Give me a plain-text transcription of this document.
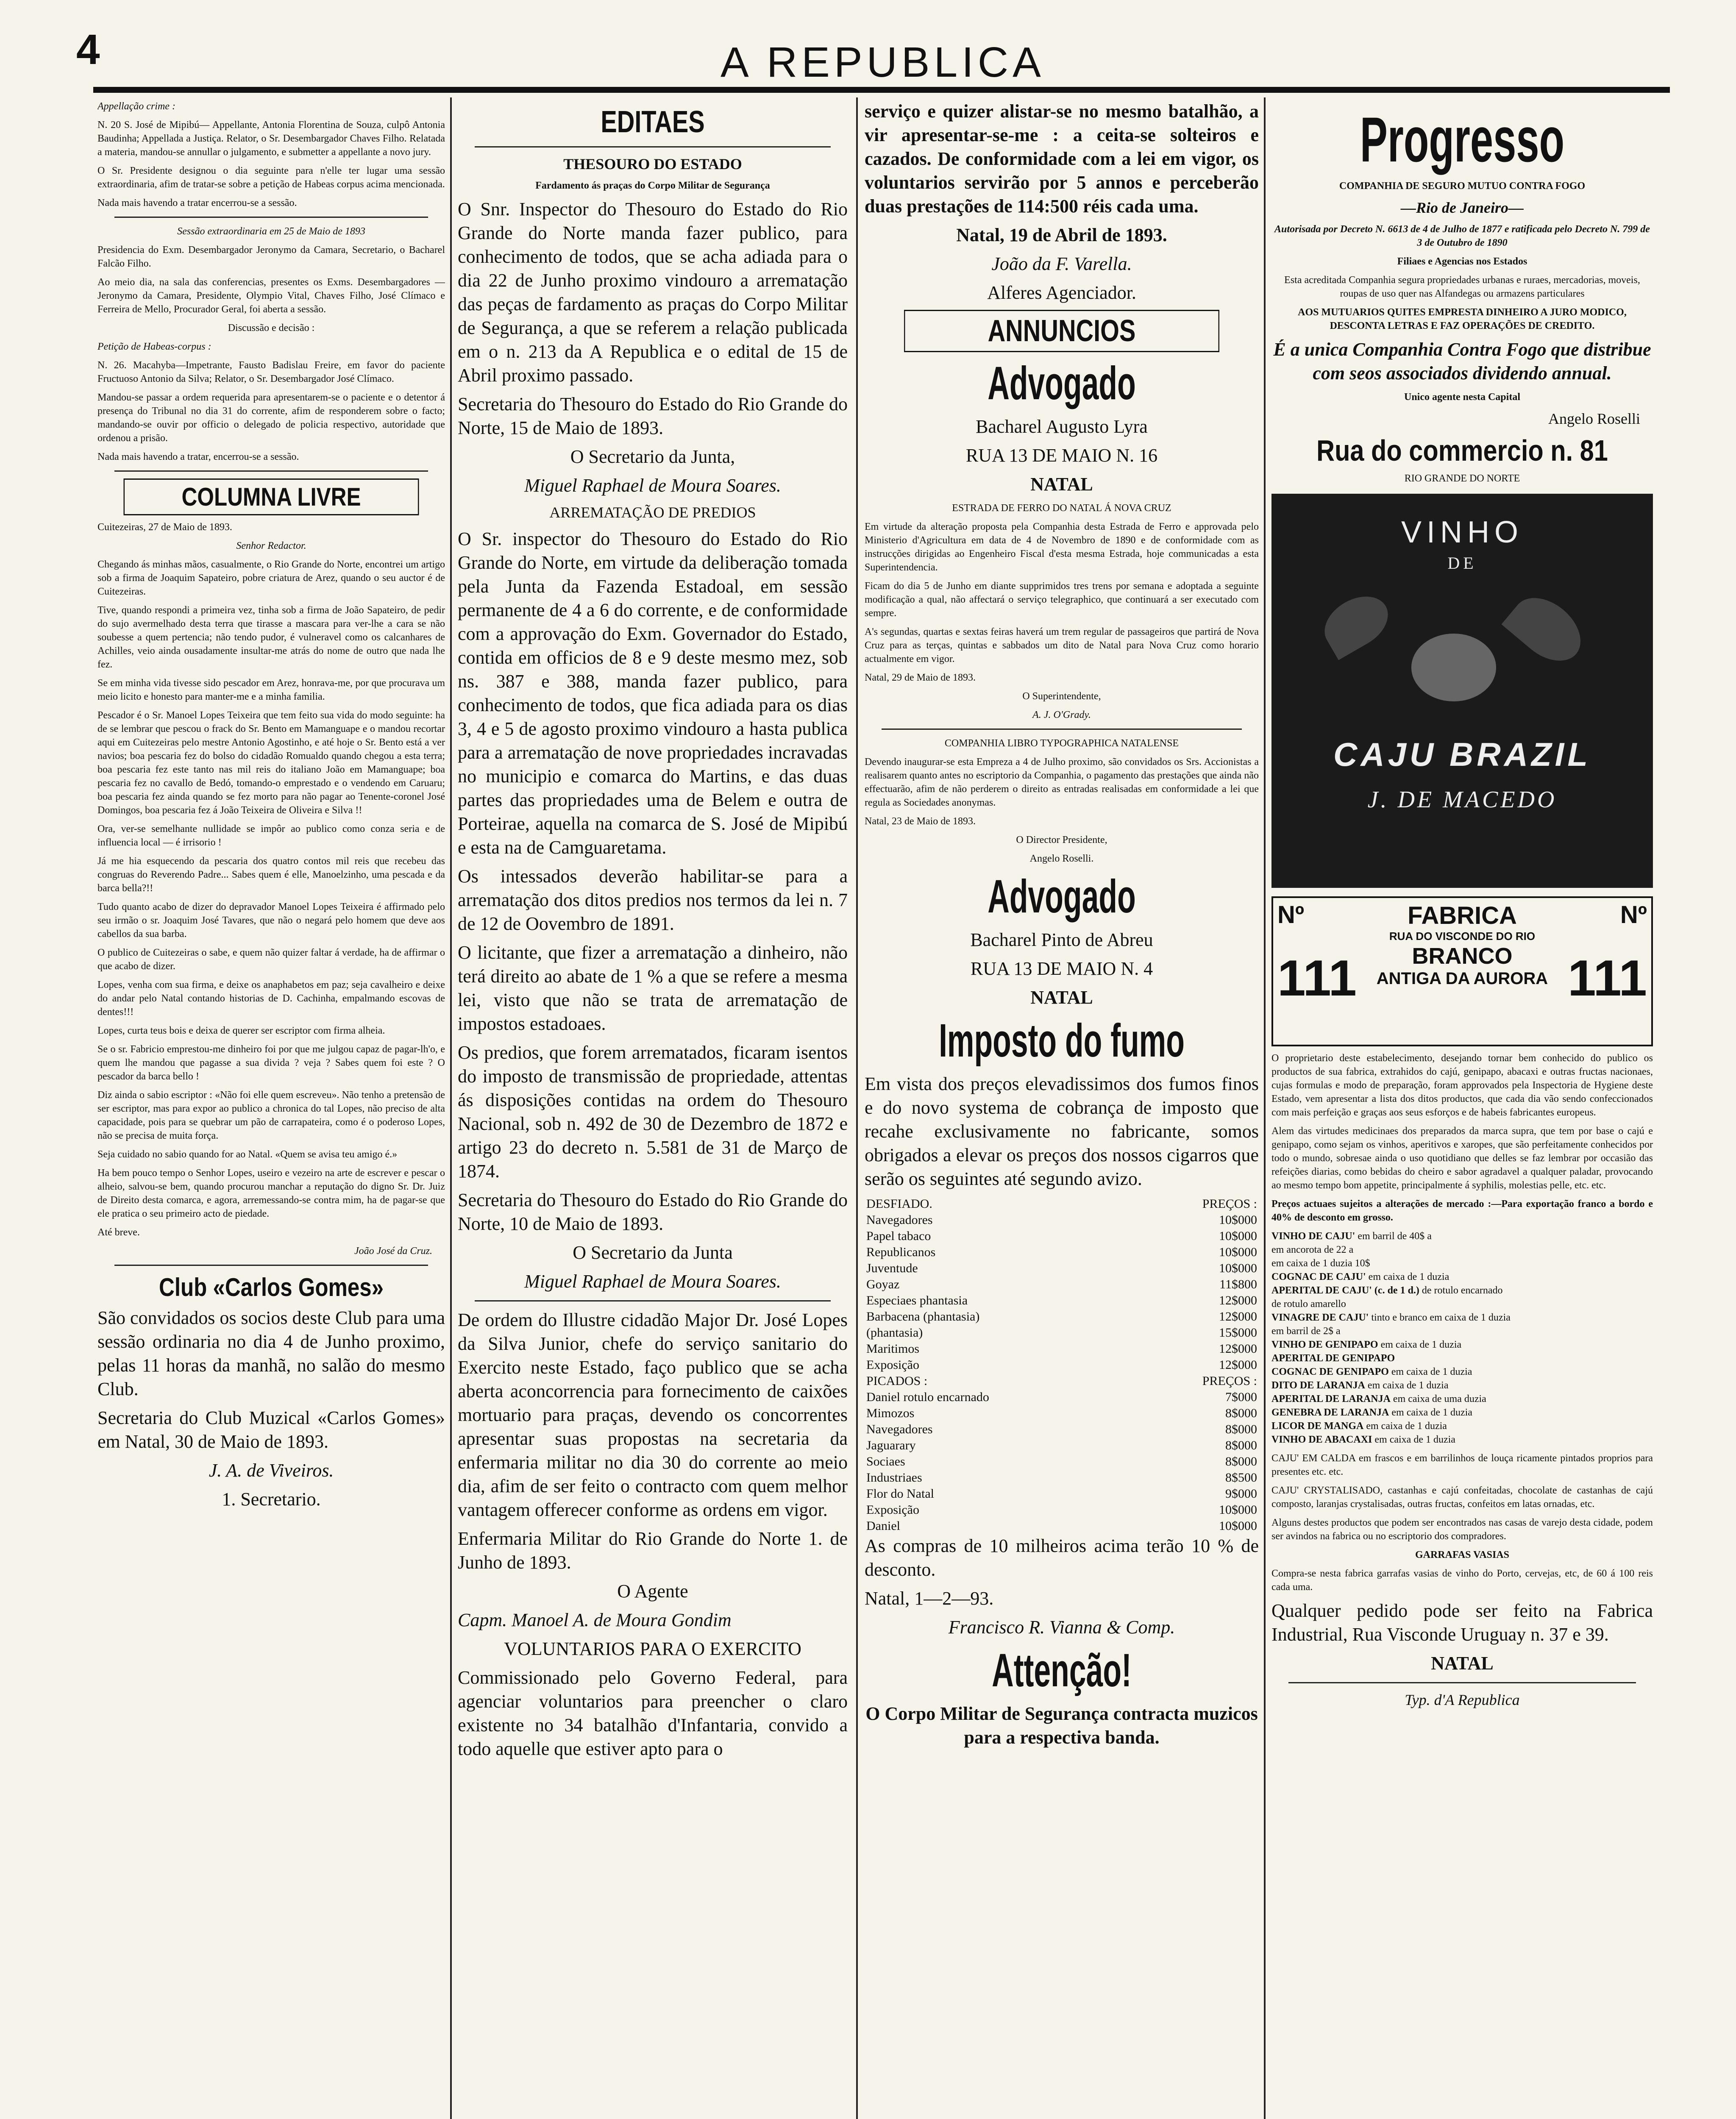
4	A REPUBLICA

Appellação crime :

N. 20 S. José de Mipibú— Appellante, Antonia Florentina de Souza, culpô Antonia Baudinha; Appellada a Justiça. Relator, o Sr. Desembargador Chaves Filho. Relatada a materia, mandou-se annullar o julgamento, e submetter a appellante a novo jury.

O Sr. Presidente designou o dia seguinte para n'elle ter lugar uma sessão extraordinaria, afim de tratar-se sobre a petição de Habeas corpus acima mencionada.

Nada mais havendo a tratar encerrou-se a sessão.

Sessão extraordinaria em 25 de Maio de 1893

Presidencia do Exm. Desembargador Jeronymo da Camara, Secretario, o Bacharel Falcão Filho.

Ao meio dia, na sala das conferencias, presentes os Exms. Desembargadores — Jeronymo da Camara, Presidente, Olympio Vital, Chaves Filho, José Clímaco e Ferreira de Mello, Procurador Geral, foi aberta a sessão.

Discussão e decisão :

Petição de Habeas-corpus :

N. 26. Macahyba—Impetrante, Fausto Badislau Freire, em favor do paciente Fructuoso Antonio da Silva; Relator, o Sr. Desembargador José Clímaco.

Mandou-se passar a ordem requerida para apresentarem-se o paciente e o detentor á presença do Tribunal no dia 31 do corrente, afim de responderem sobre o facto; mandando-se ouvir por officio o delegado de policia respectivo, autoridade que ordenou a prisão.

Nada mais havendo a tratar, encerrou-se a sessão.

COLUMNA LIVRE

Cuitezeiras, 27 de Maio de 1893.

Senhor Redactor.

Chegando ás minhas mãos, casualmente, o Rio Grande do Norte, encontrei um artigo sob a firma de Joaquim Sapateiro, pobre criatura de Arez, quando o seu auctor é de Cuitezeiras.

Tive, quando respondi a primeira vez, tinha sob a firma de João Sapateiro, de pedir do sujo avermelhado desta terra que tirasse a mascara para ver-lhe a cara se não soubesse a quem pertencia; não tendo pudor, é vulneravel como os calcanhares de Achilles, veio ainda ousadamente insultar-me atrás do nome de outro que nada lhe fez.

Se em minha vida tivesse sido pescador em Arez, honrava-me, por que procurava um meio licito e honesto para manter-me e a minha familia.

Pescador é o Sr. Manoel Lopes Teixeira que tem feito sua vida do modo seguinte: ha de se lembrar que pescou o frack do Sr. Bento em Mamanguape e o mandou recortar aqui em Cuitezeiras pelo mestre Antonio Agostinho, e até hoje o Sr. Bento está a ver navios; boa pescaria fez do bolso do cidadão Romualdo quando chegou a esta terra; boa pescaria fez este tanto nas mil reis do italiano João em Mamanguape; boa pescaria fez no cavallo de Bedó, tomando-o emprestado e o vendendo em Caruaru; boa pescaria fez ainda quando se fez morto para não pagar ao Tenente-coronel José Domingos, boa pescaria fez á João Teixeira de Oliveira e Silva !!

Ora, ver-se semelhante nullidade se impôr ao publico como conza seria e de influencia local — é irrisorio !

Já me hia esquecendo da pescaria dos quatro contos mil reis que recebeu das congruas do Reverendo Padre... Sabes quem é elle, Manoelzinho, uma pescada e da barca bella?!!

Tudo quanto acabo de dizer do depravador Manoel Lopes Teixeira é affirmado pelo seu irmão o sr. Joaquim José Tavares, que não o negará pelo homem que deve aos cabellos da sua barba.

O publico de Cuitezeiras o sabe, e quem não quizer faltar á verdade, ha de affirmar o que acabo de dizer.

Lopes, venha com sua firma, e deixe os anaphabetos em paz; seja cavalheiro e deixe do andar pelo Natal contando historias de D. Cachinha, empalmando escovas de dentes!!!

Lopes, curta teus bois e deixa de querer ser escriptor com firma alheia.

Se o sr. Fabricio emprestou-me dinheiro foi por que me julgou capaz de pagar-lh'o, e quem lhe mandou que pagasse a sua divida ? veja ? Sabes quem foi este ? O pescador da barca bello !

Diz ainda o sabio escriptor : «Não foi elle quem escreveu». Não tenho a pretensão de ser escriptor, mas para expor ao publico a chronica do tal Lopes, não preciso de alta capacidade, pois para se quebrar um pão de carrapateira, como é o poderoso Lopes, não se precisa de muita força.

Seja cuidado no sabio quando for ao Natal. «Quem se avisa teu amigo é.»

Ha bem pouco tempo o Senhor Lopes, useiro e vezeiro na arte de escrever e pescar o alheio, salvou-se bem, quando procurou manchar a reputação do digno Sr. Dr. Juiz de Direito desta comarca, e agora, arremessando-se contra mim, ha de pagar-se que ele pratica o seu primeiro acto de piedade.

Até breve.

João José da Cruz.

Club «Carlos Gomes»

São convidados os socios deste Club para uma sessão ordinaria no dia 4 de Junho proximo, pelas 11 horas da manhã, no salão do mesmo Club.

Secretaria do Club Muzical «Carlos Gomes» em Natal, 30 de Maio de 1893.

J. A. de Viveiros.

1. Secretario.

EDITAES

THESOURO DO ESTADO

Fardamento ás praças do Corpo Militar de Segurança

O Snr. Inspector do Thesouro do Estado do Rio Grande do Norte manda fazer publico, para conhecimento de todos, que se acha adiada para o dia 22 de Junho proximo vindouro a arrematação das peças de fardamento as praças do Corpo Militar de Segurança, a que se referem a relação publicada em o n. 213 da A Republica e o edital de 15 de Abril proximo passado.

Secretaria do Thesouro do Estado do Rio Grande do Norte, 15 de Maio de 1893.

O Secretario da Junta,

Miguel Raphael de Moura Soares.

ARREMATAÇÃO DE PREDIOS

O Sr. inspector do Thesouro do Estado do Rio Grande do Norte, em virtude da deliberação tomada pela Junta da Fazenda Estadoal, em sessão permanente de 4 a 6 do corrente, e de conformidade com a approvação do Exm. Governador do Estado, contida em officios de 8 e 9 deste mesmo mez, sob ns. 387 e 388, manda fazer publico, para conhecimento de todos, que fica adiada para os dias 3, 4 e 5 de agosto proximo vindouro a hasta publica para a arrematação de nove propriedades incravadas no municipio e comarca do Martins, e das duas partes das propriedades uma de Belem e outra de Porteirae, aquella na comarca de S. José de Mipibú e esta na de Camguaretama.

Os intessados deverão habilitar-se para a arrematação dos ditos predios nos termos da lei n. 7 de 12 de Oovembro de 1891.

O licitante, que fizer a arrematação a dinheiro, não terá direito ao abate de 1 % a que se refere a mesma lei, visto que não se trata de arrematação de impostos estadoaes.

Os predios, que forem arrematados, ficaram isentos do imposto de transmissão de propriedade, attentas ás disposições contidas na ordem do Thesouro Nacional, sob n. 492 de 30 de Dezembro de 1872 e artigo 23 do decreto n. 5.581 de 31 de Março de 1874.

Secretaria do Thesouro do Estado do Rio Grande do Norte, 10 de Maio de 1893.

O Secretario da Junta

Miguel Raphael de Moura Soares.

De ordem do Illustre cidadão Major Dr. José Lopes da Silva Junior, chefe do serviço sanitario do Exercito neste Estado, faço publico que se acha aberta aconcorrencia para fornecimento de caixões mortuario para praças, devendo os concorrentes apresentar suas propostas na secretaria da enfermaria militar no dia 30 do corrente ao meio dia, afim de ser feito o contracto com quem melhor vantagem offerecer conforme as ordens em vigor.

Enfermaria Militar do Rio Grande do Norte 1. de Junho de 1893.

O Agente

Capm. Manoel A. de Moura Gondim

VOLUNTARIOS PARA O EXERCITO

Commissionado pelo Governo Federal, para agenciar voluntarios para preencher o claro existente no 34 batalhão d'Infantaria, convido a todo aquelle que estiver apto para o

serviço e quizer alistar-se no mesmo batalhão, a vir apresentar-se-me : a ceita-se solteiros e cazados. De conformidade com a lei em vigor, os voluntarios servirão por 5 annos e perceberão duas prestações de 114:500 réis cada uma.

Natal, 19 de Abril de 1893.

João da F. Varella.

Alferes Agenciador.

ANNUNCIOS
Advogado

Bacharel Augusto Lyra

RUA 13 DE MAIO N. 16

NATAL

ESTRADA DE FERRO DO NATAL Á NOVA CRUZ

Em virtude da alteração proposta pela Companhia desta Estrada de Ferro e approvada pelo Ministerio d'Agricultura em data de 4 de Novembro de 1890 e de conformidade com as instrucções dirigidas ao Engenheiro Fiscal d'esta mesma Estrada, hoje communicadas a esta Superintendencia.

Ficam do dia 5 de Junho em diante supprimidos tres trens por semana e adoptada a seguinte modificação a qual, não affectará o serviço telegraphico, que continuará a ser executado com sempre.

A's segundas, quartas e sextas feiras haverá um trem regular de passageiros que partirá de Nova Cruz para as terças, quintas e sabbados um dito de Natal para Nova Cruz como horario actualmente em vigor.

Natal, 29 de Maio de 1893.

O Superintendente,

A. J. O'Grady.

COMPANHIA LIBRO TYPOGRAPHICA NATALENSE

Devendo inaugurar-se esta Empreza a 4 de Julho proximo, são convidados os Srs. Accionistas a realisarem quanto antes no escriptorio da Companhia, o pagamento das prestações que ainda não effectuarão, afim de não perderem o direito as entradas realisadas em conformidade a lei que regula as Sociedades anonymas.

Natal, 23 de Maio de 1893.

O Director Presidente,

Angelo Roselli.

Advogado

Bacharel Pinto de Abreu

RUA 13 DE MAIO N. 4

NATAL

Imposto do fumo

Em vista dos preços elevadissimos dos fumos finos e do novo systema de cobrança de imposto que recahe exclusivamente no fabricante, somos obrigados a elevar os preços dos nossos cigarros que serão os seguintes até segundo avizo.

DESFIADO.	PREÇOS :
Navegadores	10$000
Papel tabaco	10$000
Republicanos	10$000
Juventude	10$000
Goyaz	11$800
Especiaes phantasia	12$000
Barbacena (phantasia)	12$000
(phantasia)	15$000
Maritimos	12$000
Exposição	12$000
PICADOS :	PREÇOS :
Daniel rotulo encarnado	7$000
Mimozos	8$000
Navegadores	8$000
Jaguarary	8$000
Sociaes	8$000
Industriaes	8$500
Flor do Natal	9$000
Exposição	10$000
Daniel	10$000

As compras de 10 milheiros acima terão 10 % de desconto.

Natal, 1—2—93.

Francisco R. Vianna & Comp.

Attenção!

O Corpo Militar de Segurança contracta muzicos para a respectiva banda.

Progresso

COMPANHIA DE SEGURO MUTUO CONTRA FOGO

—Rio de Janeiro—

Autorisada por Decreto N. 6613 de 4 de Julho de 1877 e ratificada pelo Decreto N. 799 de 3 de Outubro de 1890

Filiaes e Agencias nos Estados

Esta acreditada Companhia segura propriedades urbanas e ruraes, mercadorias, moveis, roupas de uso quer nas Alfandegas ou armazens particulares

AOS MUTUARIOS QUITES EMPRESTA DINHEIRO A JURO MODICO, DESCONTA LETRAS E FAZ OPERAÇÕES DE CREDITO.

É a unica Companhia Contra Fogo que distribue com seos associados dividendo annual.

Unico agente nesta Capital

Angelo Roselli

Rua do commercio n. 81

RIO GRANDE DO NORTE

VINHO
DE
CAJU BRAZIL
J. DE MACEDO
Nº	Nº
FABRICA
RUA DO VISCONDE DO RIO
BRANCO
ANTIGA DA AURORA
111	111

O proprietario deste estabelecimento, desejando tornar bem conhecido do publico os productos de sua fabrica, extrahidos do cajú, genipapo, abacaxi e outras fructas nacionaes, cujas formulas e modo de preparação, foram approvados pela Inspectoria de Hygiene deste Estado, vem apresentar a lista dos ditos productos, que cada dia vão sendo confeccionados com mais perfeição e graças aos seus esforços e de habeis fabricantes europeus.

Alem das virtudes medicinaes dos preparados da marca supra, que tem por base o cajú e genipapo, como sejam os vinhos, aperitivos e xaropes, que são perfeitamente conhecidos por todo o mundo, sobresae ainda o uso quotidiano que delles se faz lembrar por occasião das refeições diarias, como bebidas do cheiro e sabor agradavel a qualquer paladar, provocando ao mesmo tempo bom appetite, principalmente á syphilis, molestias pelle, etc. etc.

Preços actuaes sujeitos a alterações de mercado :—Para exportação franco a bordo e 40% de desconto em grosso.

VINHO DE CAJU' em barril de 40$ a

em ancorota de 22 a

em caixa de 1 duzia 10$

COGNAC DE CAJU' em caixa de 1 duzia

APERITAL DE CAJU' (c. de 1 d.) de rotulo encarnado

de rotulo amarello

VINAGRE DE CAJU' tinto e branco em caixa de 1 duzia

em barril de 2$ a

VINHO DE GENIPAPO em caixa de 1 duzia

APERITAL DE GENIPAPO

COGNAC DE GENIPAPO em caixa de 1 duzia

DITO DE LARANJA em caixa de 1 duzia

APERITAL DE LARANJA em caixa de uma duzia

GENEBRA DE LARANJA em caixa de 1 duzia

LICOR DE MANGA em caixa de 1 duzia

VINHO DE ABACAXI em caixa de 1 duzia

CAJU' EM CALDA em frascos e em barrilinhos de louça ricamente pintados proprios para presentes etc. etc.

CAJU' CRYSTALISADO, castanhas e cajú confeitadas, chocolate de castanhas de cajú composto, laranjas crystalisadas, outras fructas, confeitos em latas ornadas, etc.

Alguns destes productos que podem ser encontrados nas casas de varejo desta cidade, podem ser avindos na fabrica ou no escriptorio dos compradores.

GARRAFAS VASIAS

Compra-se nesta fabrica garrafas vasias de vinho do Porto, cervejas, etc, de 60 á 100 reis cada uma.

Qualquer pedido pode ser feito na Fabrica Industrial, Rua Visconde Uruguay n. 37 e 39.

NATAL

Typ. d'A Republica
